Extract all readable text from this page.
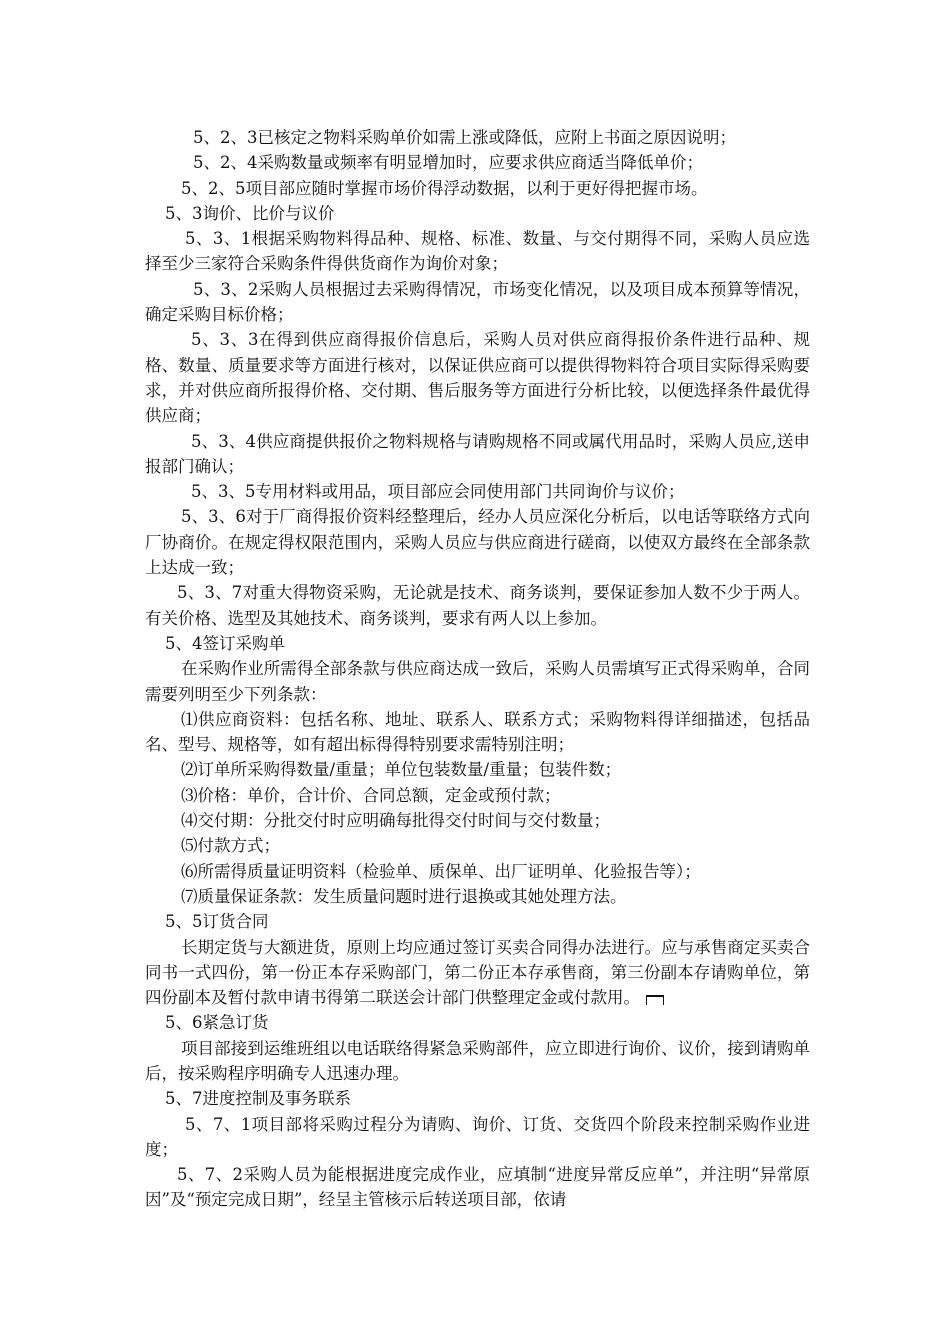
5、2、3已核定之物料采购单价如需上涨或降低，应附上书面之原因说明；

5、2、4采购数量或频率有明显增加时，应要求供应商适当降低单价；

5、2、5项目部应随时掌握市场价得浮动数据，以利于更好得把握市场。

5、3询价、比价与议价

5、3、1根据采购物料得品种、规格、标准、数量、与交付期得不同，采购人员应选择至少三家符合采购条件得供货商作为询价对象；

5、3、2采购人员根据过去采购得情况，市场变化情况，以及项目成本预算等情况，确定采购目标价格；

5、3、3在得到供应商得报价信息后，采购人员对供应商得报价条件进行品种、规格、数量、质量要求等方面进行核对，以保证供应商可以提供得物料符合项目实际得采购要求，并对供应商所报得价格、交付期、售后服务等方面进行分析比较，以便选择条件最优得供应商；

5、3、4供应商提供报价之物料规格与请购规格不同或属代用品时，采购人员应,送申报部门确认；

5、3、5专用材料或用品，项目部应会同使用部门共同询价与议价；

5、3、6对于厂商得报价资料经整理后，经办人员应深化分析后，以电话等联络方式向厂协商价。在规定得权限范围内，采购人员应与供应商进行磋商，以使双方最终在全部条款上达成一致；

5、3、7对重大得物资采购，无论就是技术、商务谈判，要保证参加人数不少于两人。有关价格、选型及其她技术、商务谈判，要求有两人以上参加。

5、4签订采购单

在采购作业所需得全部条款与供应商达成一致后，采购人员需填写正式得采购单，合同需要列明至少下列条款：

⑴供应商资料：包括名称、地址、联系人、联系方式；采购物料得详细描述，包括品名、型号、规格等，如有超出标得得特别要求需特别注明；

⑵订单所采购得数量/重量；单位包装数量/重量；包装件数；

⑶价格：单价，合计价、合同总额，定金或预付款；

⑷交付期：分批交付时应明确每批得交付时间与交付数量；

⑸付款方式；

⑹所需得质量证明资料（检验单、质保单、出厂证明单、化验报告等）；

⑺质量保证条款：发生质量问题时进行退换或其她处理方法。

5、5订货合同

长期定货与大额进货，原则上均应通过签订买卖合同得办法进行。应与承售商定买卖合同书一式四份，第一份正本存采购部门，第二份正本存承售商，第三份副本存请购单位，第四份副本及暂付款申请书得第二联送会计部门供整理定金或付款用。

5、6紧急订货

项目部接到运维班组以电话联络得紧急采购部件，应立即进行询价、议价，接到请购单后，按采购程序明确专人迅速办理。

5、7进度控制及事务联系

5、7、1项目部将采购过程分为请购、询价、订货、交货四个阶段来控制采购作业进度；

5、7、2采购人员为能根据进度完成作业，应填制“进度异常反应单”，并注明“异常原因”及“预定完成日期”，经呈主管核示后转送项目部，依请
